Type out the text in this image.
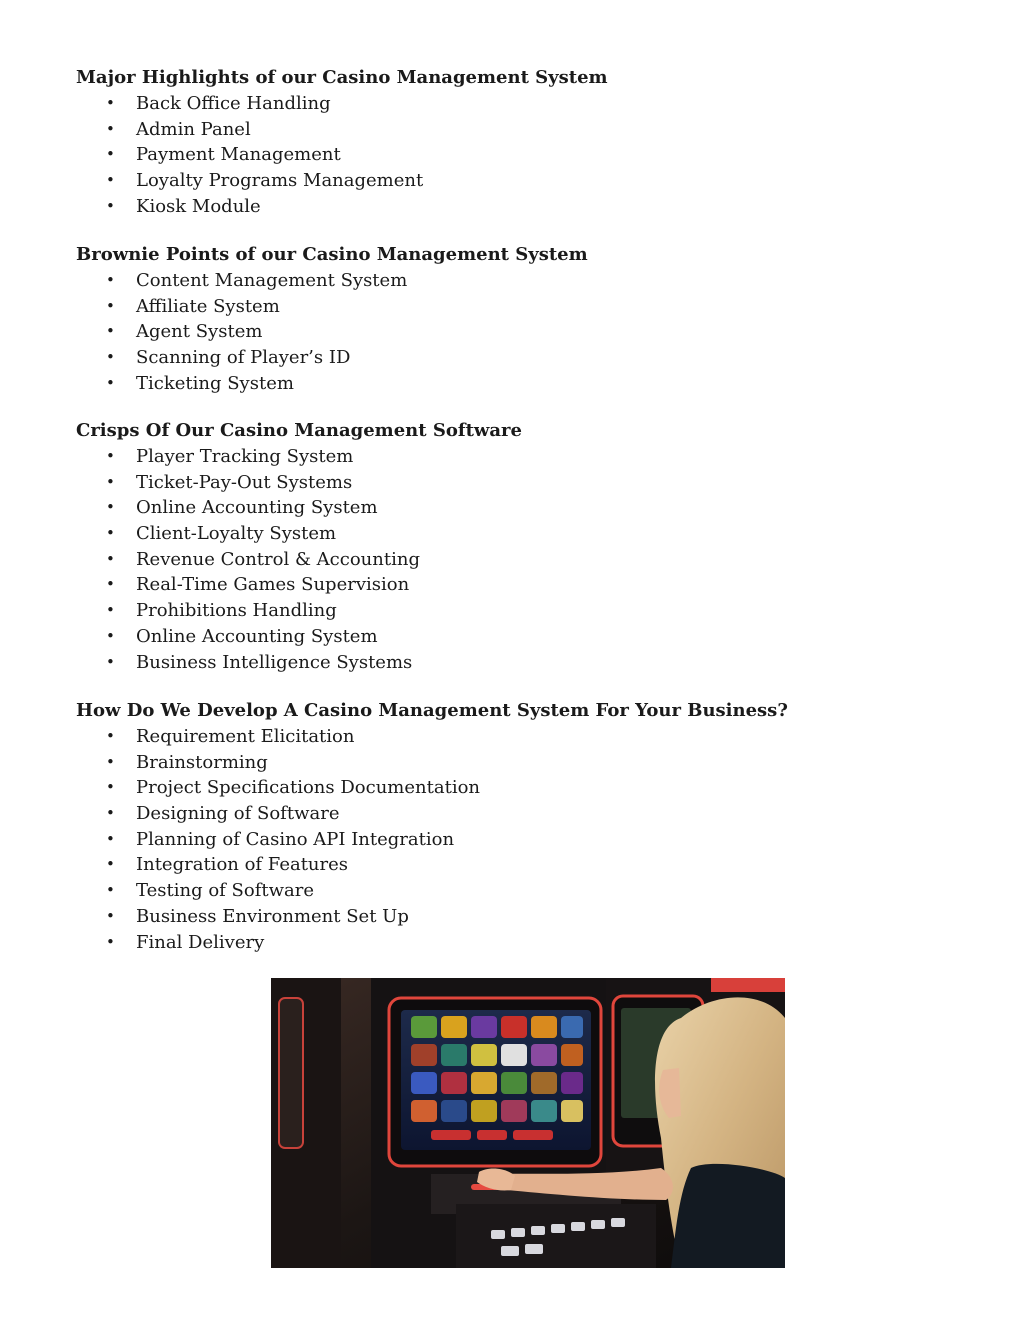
Major Highlights of our Casino Management System
• Back Office Handling
• Admin Panel
• Payment Management
• Loyalty Programs Management
• Kiosk Module
Brownie Points of our Casino Management System
• Content Management System
• Affiliate System
• Agent System
• Scanning of Player’s ID
• Ticketing System
Crisps Of Our Casino Management Software
• Player Tracking System
• Ticket-Pay-Out Systems
• Online Accounting System
• Client-Loyalty System
• Revenue Control & Accounting
• Real-Time Games Supervision
• Prohibitions Handling
• Online Accounting System
• Business Intelligence Systems
How Do We Develop A Casino Management System For Your Business?
• Requirement Elicitation
• Brainstorming
• Project Specifications Documentation
• Designing of Software
• Planning of Casino API Integration
• Integration of Features
• Testing of Software
• Business Environment Set Up
• Final Delivery
